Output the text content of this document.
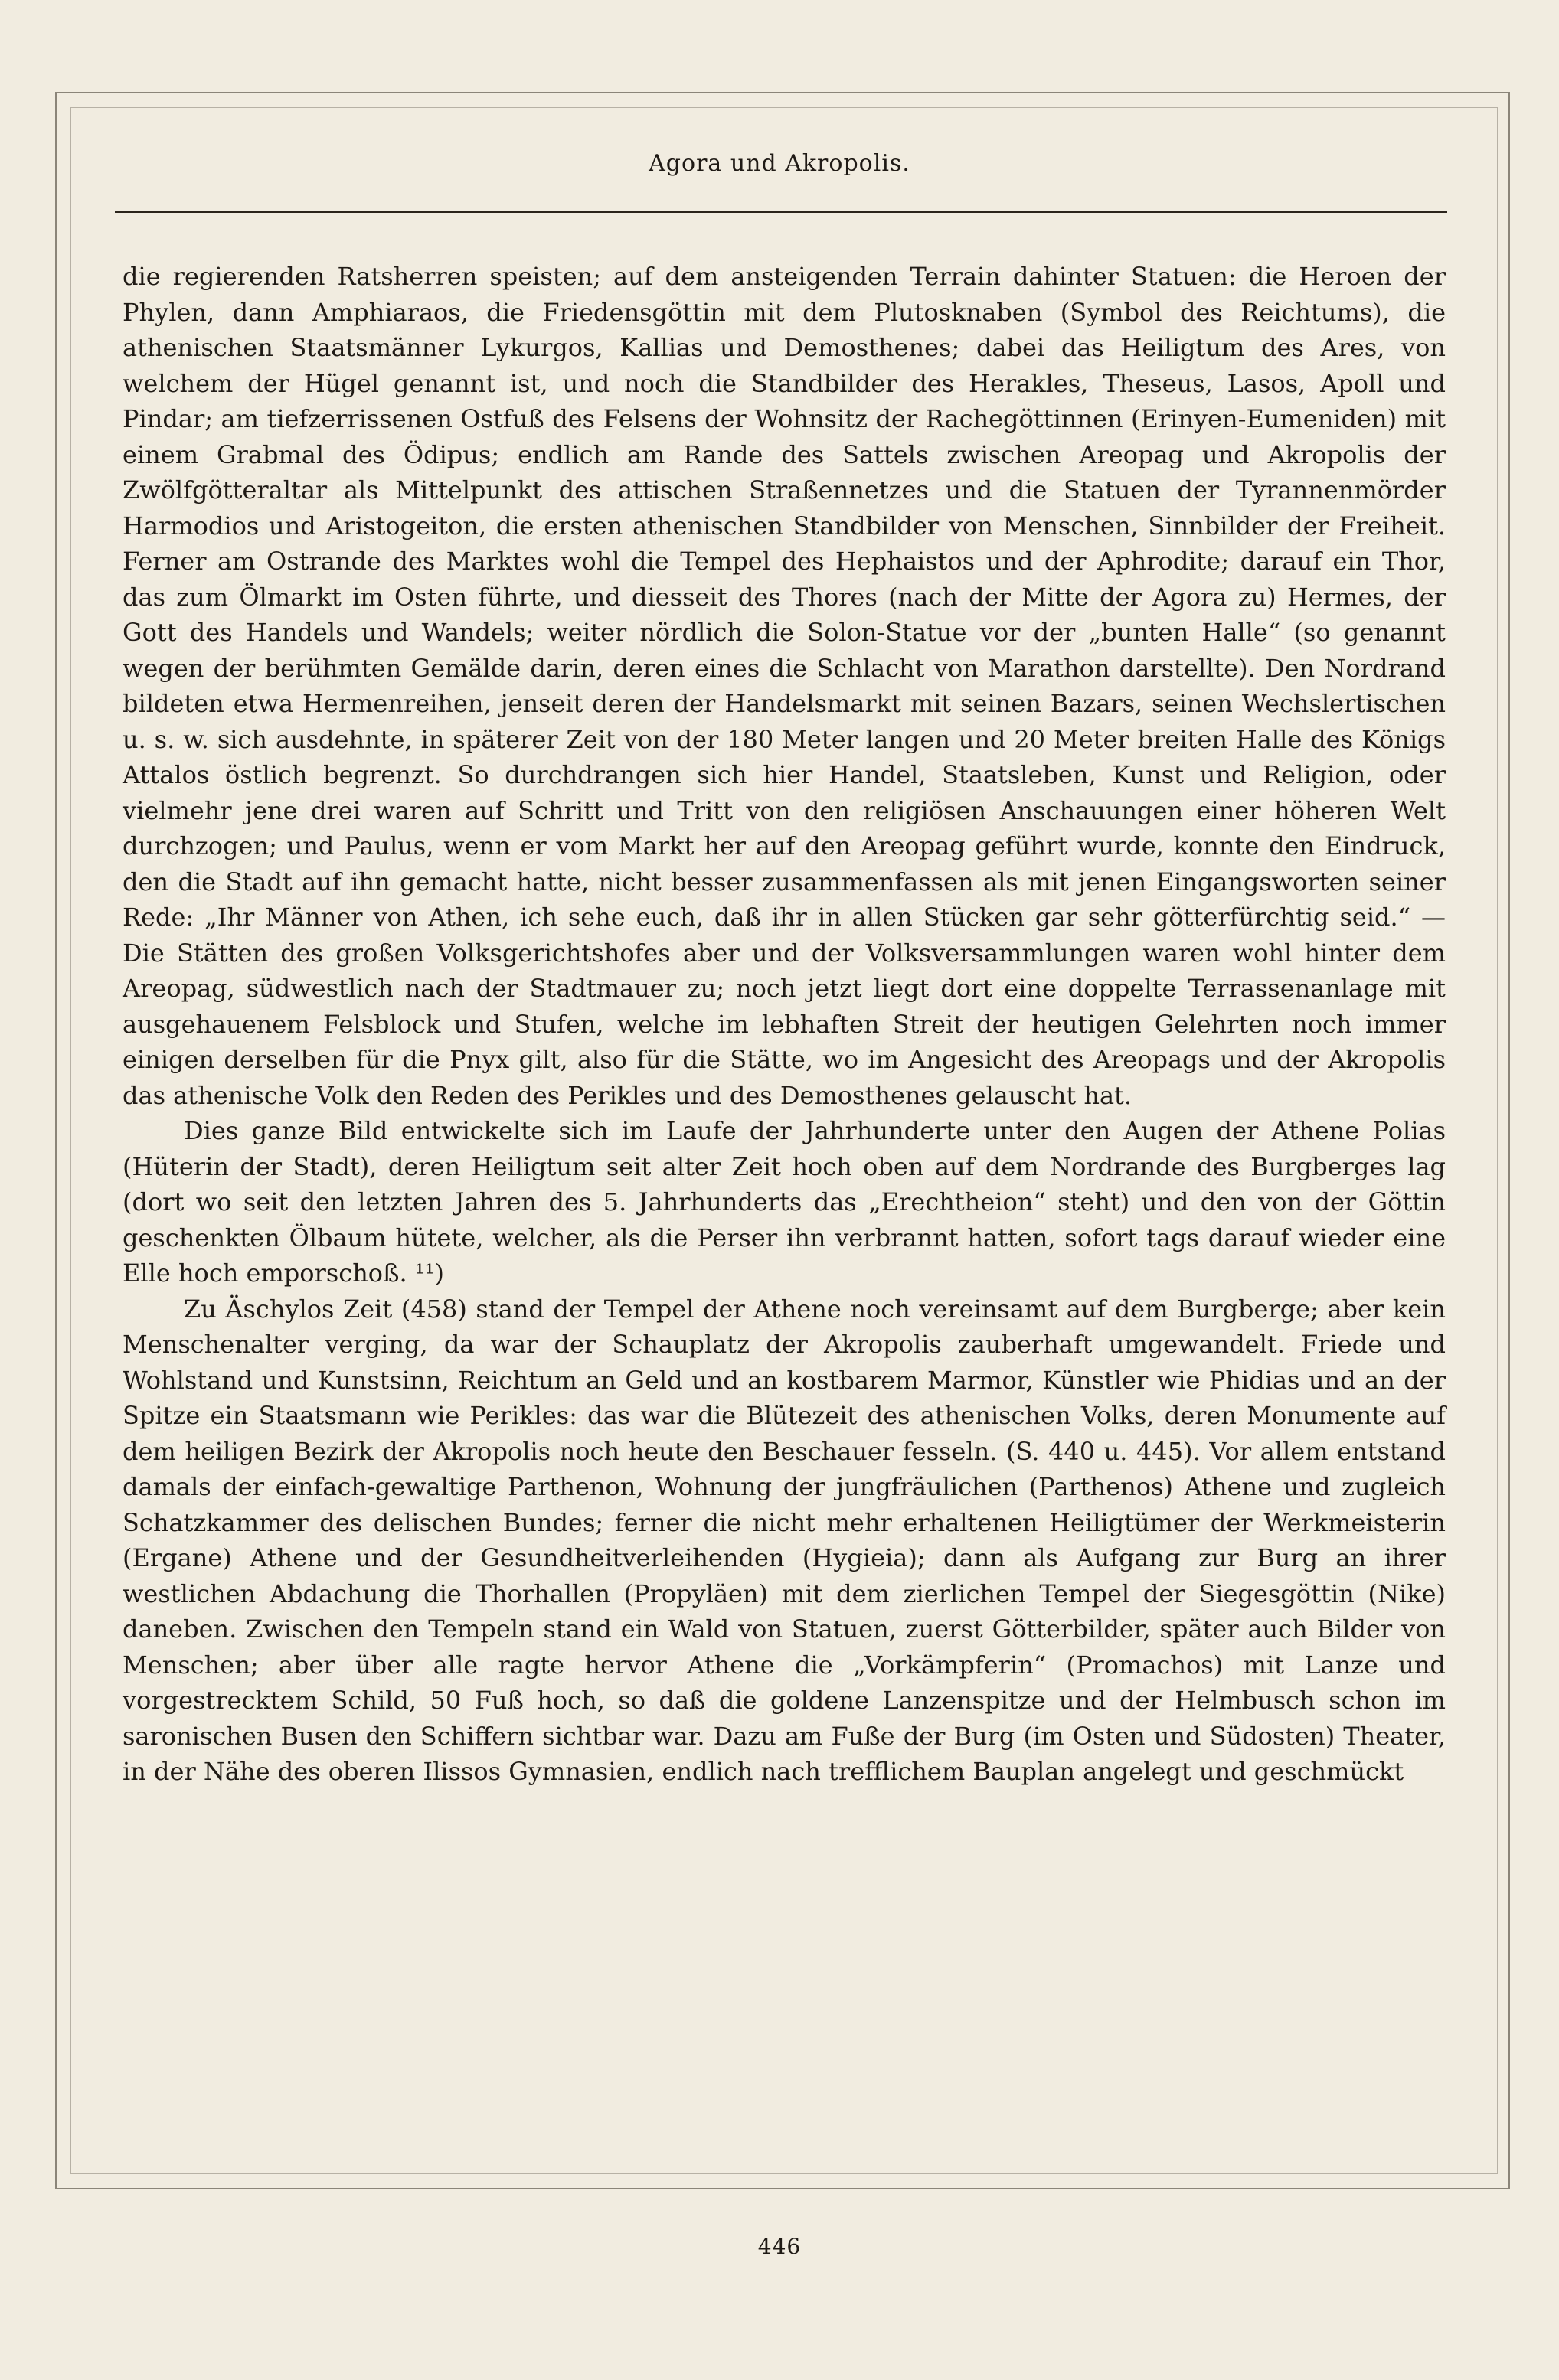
Agora und Akropolis.

die regierenden Ratsherren speisten; auf dem ansteigenden Terrain dahinter Statuen: die Heroen der Phylen, dann Amphiaraos, die Friedensgöttin mit dem Plutosknaben (Symbol des Reichtums), die athenischen Staatsmänner Lykurgos, Kallias und Demosthenes; dabei das Heiligtum des Ares, von welchem der Hügel genannt ist, und noch die Standbilder des Herakles, Theseus, Lasos, Apoll und Pindar; am tiefzerrissenen Ostfuß des Felsens der Wohnsitz der Rachegöttinnen (Erinyen-Eumeniden) mit einem Grabmal des Ödipus; endlich am Rande des Sattels zwischen Areopag und Akropolis der Zwölfgötteraltar als Mittelpunkt des attischen Straßennetzes und die Statuen der Tyrannenmörder Harmodios und Aristogeiton, die ersten athenischen Standbilder von Menschen, Sinnbilder der Freiheit. Ferner am Ostrande des Marktes wohl die Tempel des Hephaistos und der Aphrodite; darauf ein Thor, das zum Ölmarkt im Osten führte, und diesseit des Thores (nach der Mitte der Agora zu) Hermes, der Gott des Handels und Wandels; weiter nördlich die Solon-Statue vor der „bunten Halle“ (so genannt wegen der berühmten Gemälde darin, deren eines die Schlacht von Marathon darstellte). Den Nordrand bildeten etwa Hermenreihen, jenseit deren der Handelsmarkt mit seinen Bazars, seinen Wechslertischen u. s. w. sich ausdehnte, in späterer Zeit von der 180 Meter langen und 20 Meter breiten Halle des Königs Attalos östlich begrenzt. So durchdrangen sich hier Handel, Staatsleben, Kunst und Religion, oder vielmehr jene drei waren auf Schritt und Tritt von den religiösen Anschauungen einer höheren Welt durchzogen; und Paulus, wenn er vom Markt her auf den Areopag geführt wurde, konnte den Eindruck, den die Stadt auf ihn gemacht hatte, nicht besser zusammenfassen als mit jenen Eingangsworten seiner Rede: „Ihr Männer von Athen, ich sehe euch, daß ihr in allen Stücken gar sehr götterfürchtig seid.“ — Die Stätten des großen Volksgerichtshofes aber und der Volksversammlungen waren wohl hinter dem Areopag, südwestlich nach der Stadtmauer zu; noch jetzt liegt dort eine doppelte Terrassenanlage mit ausgehauenem Felsblock und Stufen, welche im lebhaften Streit der heutigen Gelehrten noch immer einigen derselben für die Pnyx gilt, also für die Stätte, wo im Angesicht des Areopags und der Akropolis das athenische Volk den Reden des Perikles und des Demosthenes gelauscht hat.

Dies ganze Bild entwickelte sich im Laufe der Jahrhunderte unter den Augen der Athene Polias (Hüterin der Stadt), deren Heiligtum seit alter Zeit hoch oben auf dem Nordrande des Burgberges lag (dort wo seit den letzten Jahren des 5. Jahrhunderts das „Erechtheion“ steht) und den von der Göttin geschenkten Ölbaum hütete, welcher, als die Perser ihn verbrannt hatten, sofort tags darauf wieder eine Elle hoch emporschoß. ¹¹)

Zu Äschylos Zeit (458) stand der Tempel der Athene noch vereinsamt auf dem Burgberge; aber kein Menschenalter verging, da war der Schauplatz der Akropolis zauberhaft umgewandelt. Friede und Wohlstand und Kunstsinn, Reichtum an Geld und an kostbarem Marmor, Künstler wie Phidias und an der Spitze ein Staatsmann wie Perikles: das war die Blütezeit des athenischen Volks, deren Monumente auf dem heiligen Bezirk der Akropolis noch heute den Beschauer fesseln. (S. 440 u. 445). Vor allem entstand damals der einfach-gewaltige Parthenon, Wohnung der jungfräulichen (Parthenos) Athene und zugleich Schatzkammer des delischen Bundes; ferner die nicht mehr erhaltenen Heiligtümer der Werkmeisterin (Ergane) Athene und der Gesundheitverleihenden (Hygieia); dann als Aufgang zur Burg an ihrer westlichen Abdachung die Thorhallen (Propyläen) mit dem zierlichen Tempel der Siegesgöttin (Nike) daneben. Zwischen den Tempeln stand ein Wald von Statuen, zuerst Götterbilder, später auch Bilder von Menschen; aber über alle ragte hervor Athene die „Vorkämpferin“ (Promachos) mit Lanze und vorgestrecktem Schild, 50 Fuß hoch, so daß die goldene Lanzenspitze und der Helmbusch schon im saronischen Busen den Schiffern sichtbar war. Dazu am Fuße der Burg (im Osten und Südosten) Theater, in der Nähe des oberen Ilissos Gymnasien, endlich nach trefflichem Bauplan angelegt und geschmückt

446
